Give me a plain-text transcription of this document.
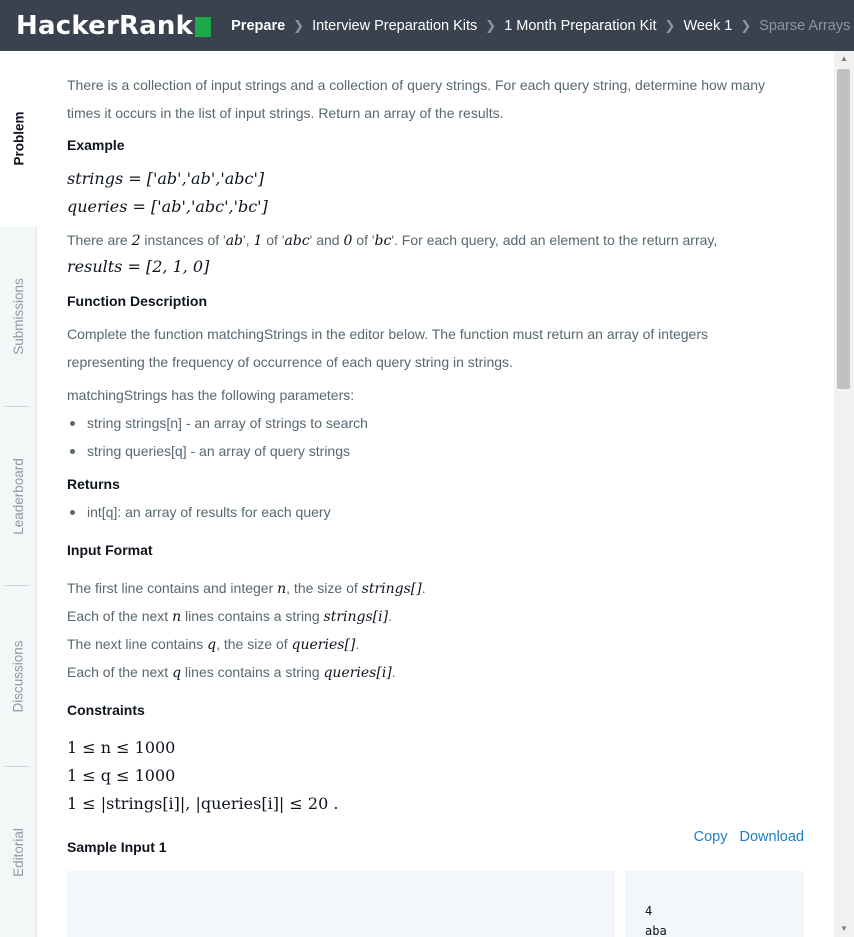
HackerRank	Prepare ❯ Interview Preparation Kits ❯ 1 Month Preparation Kit ❯ Week 1 ❯ Sparse Arrays
Problem
Submissions
Leaderboard
Discussions
Editorial
There is a collection of input strings and a collection of query strings. For each query string, determine how many
times it occurs in the list of input strings. Return an array of the results.
Example
strings = ['ab','ab','abc']
queries = ['ab','abc','bc']
There are 2 instances of 'ab', 1 of 'abc' and 0 of 'bc'. For each query, add an element to the return array,
results = [2, 1, 0]
Function Description
Complete the function matchingStrings in the editor below. The function must return an array of integers
representing the frequency of occurrence of each query string in strings.
matchingStrings has the following parameters:
string strings[n] - an array of strings to search
string queries[q] - an array of query strings
Returns
int[q]: an array of results for each query
Input Format
The first line contains and integer n, the size of strings[].
Each of the next n lines contains a string strings[i].
The next line contains q, the size of queries[].
Each of the next q lines contains a string queries[i].
Constraints
1 ≤ n ≤ 1000
1 ≤ q ≤ 1000
1 ≤ |strings[i]|, |queries[i]| ≤ 20 .
Sample Input 1
Copy Download
4
aba
▲
▼
